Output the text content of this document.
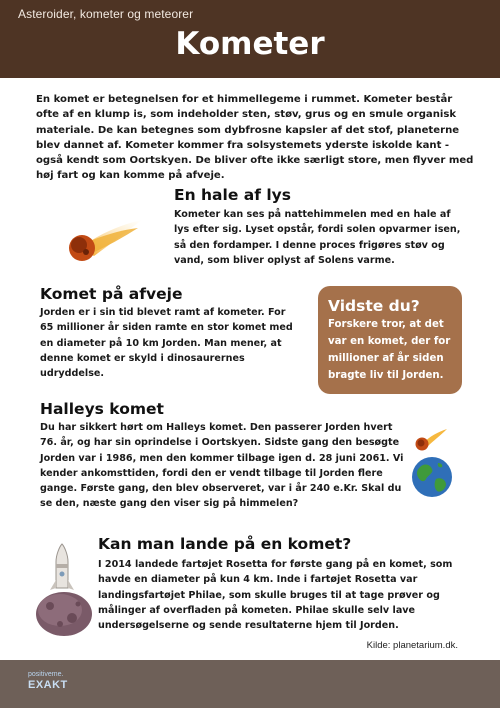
Asteroider, kometer og meteorer
Kometer

En komet er betegnelsen for et himmellegeme i rummet. Kometer består ofte af en klump is, som indeholder sten, støv, grus og en smule organisk materiale. De kan betegnes som dybfrosne kapsler af det stof, planeterne blev dannet af. Kometer kommer fra solsystemets yderste iskolde kant - også kendt som Oortskyen. De bliver ofte ikke særligt store, men flyver med høj fart og kan komme på afveje.

En hale af lys

Kometer kan ses på nattehimmelen med en hale af lys efter sig. Lyset opstår, fordi solen opvarmer isen, så den fordamper. I denne proces frigøres støv og vand, som bliver oplyst af Solens varme.

Komet på afveje

Jorden er i sin tid blevet ramt af kometer. For 65 millioner år siden ramte en stor komet med en diameter på 10 km Jorden. Man mener, at denne komet er skyld i dinosaurernes udryddelse.

Vidste du?
Forskere tror, at det var en komet, der for millioner af år siden bragte liv til Jorden.
Halleys komet

Du har sikkert hørt om Halleys komet. Den passerer Jorden hvert 76. år, og har sin oprindelse i Oortskyen. Sidste gang den besøgte Jorden var i 1986, men den kommer tilbage igen d. 28 juni 2061. Vi kender ankomsttiden, fordi den er vendt tilbage til Jorden flere gange. Første gang, den blev observeret, var i år 240 e.Kr. Skal du se den, næste gang den viser sig på himmelen?

Kan man lande på en komet?

I 2014 landede fartøjet Rosetta for første gang på en komet, som havde en diameter på kun 4 km. Inde i fartøjet Rosetta var landingsfartøjet Philae, som skulle bruges til at tage prøver og målinger af overfladen på kometen. Philae skulle selv lave undersøgelserne og sende resultaterne hjem til Jorden.

Kilde: planetarium.dk.
positiveme.
EXAKT
